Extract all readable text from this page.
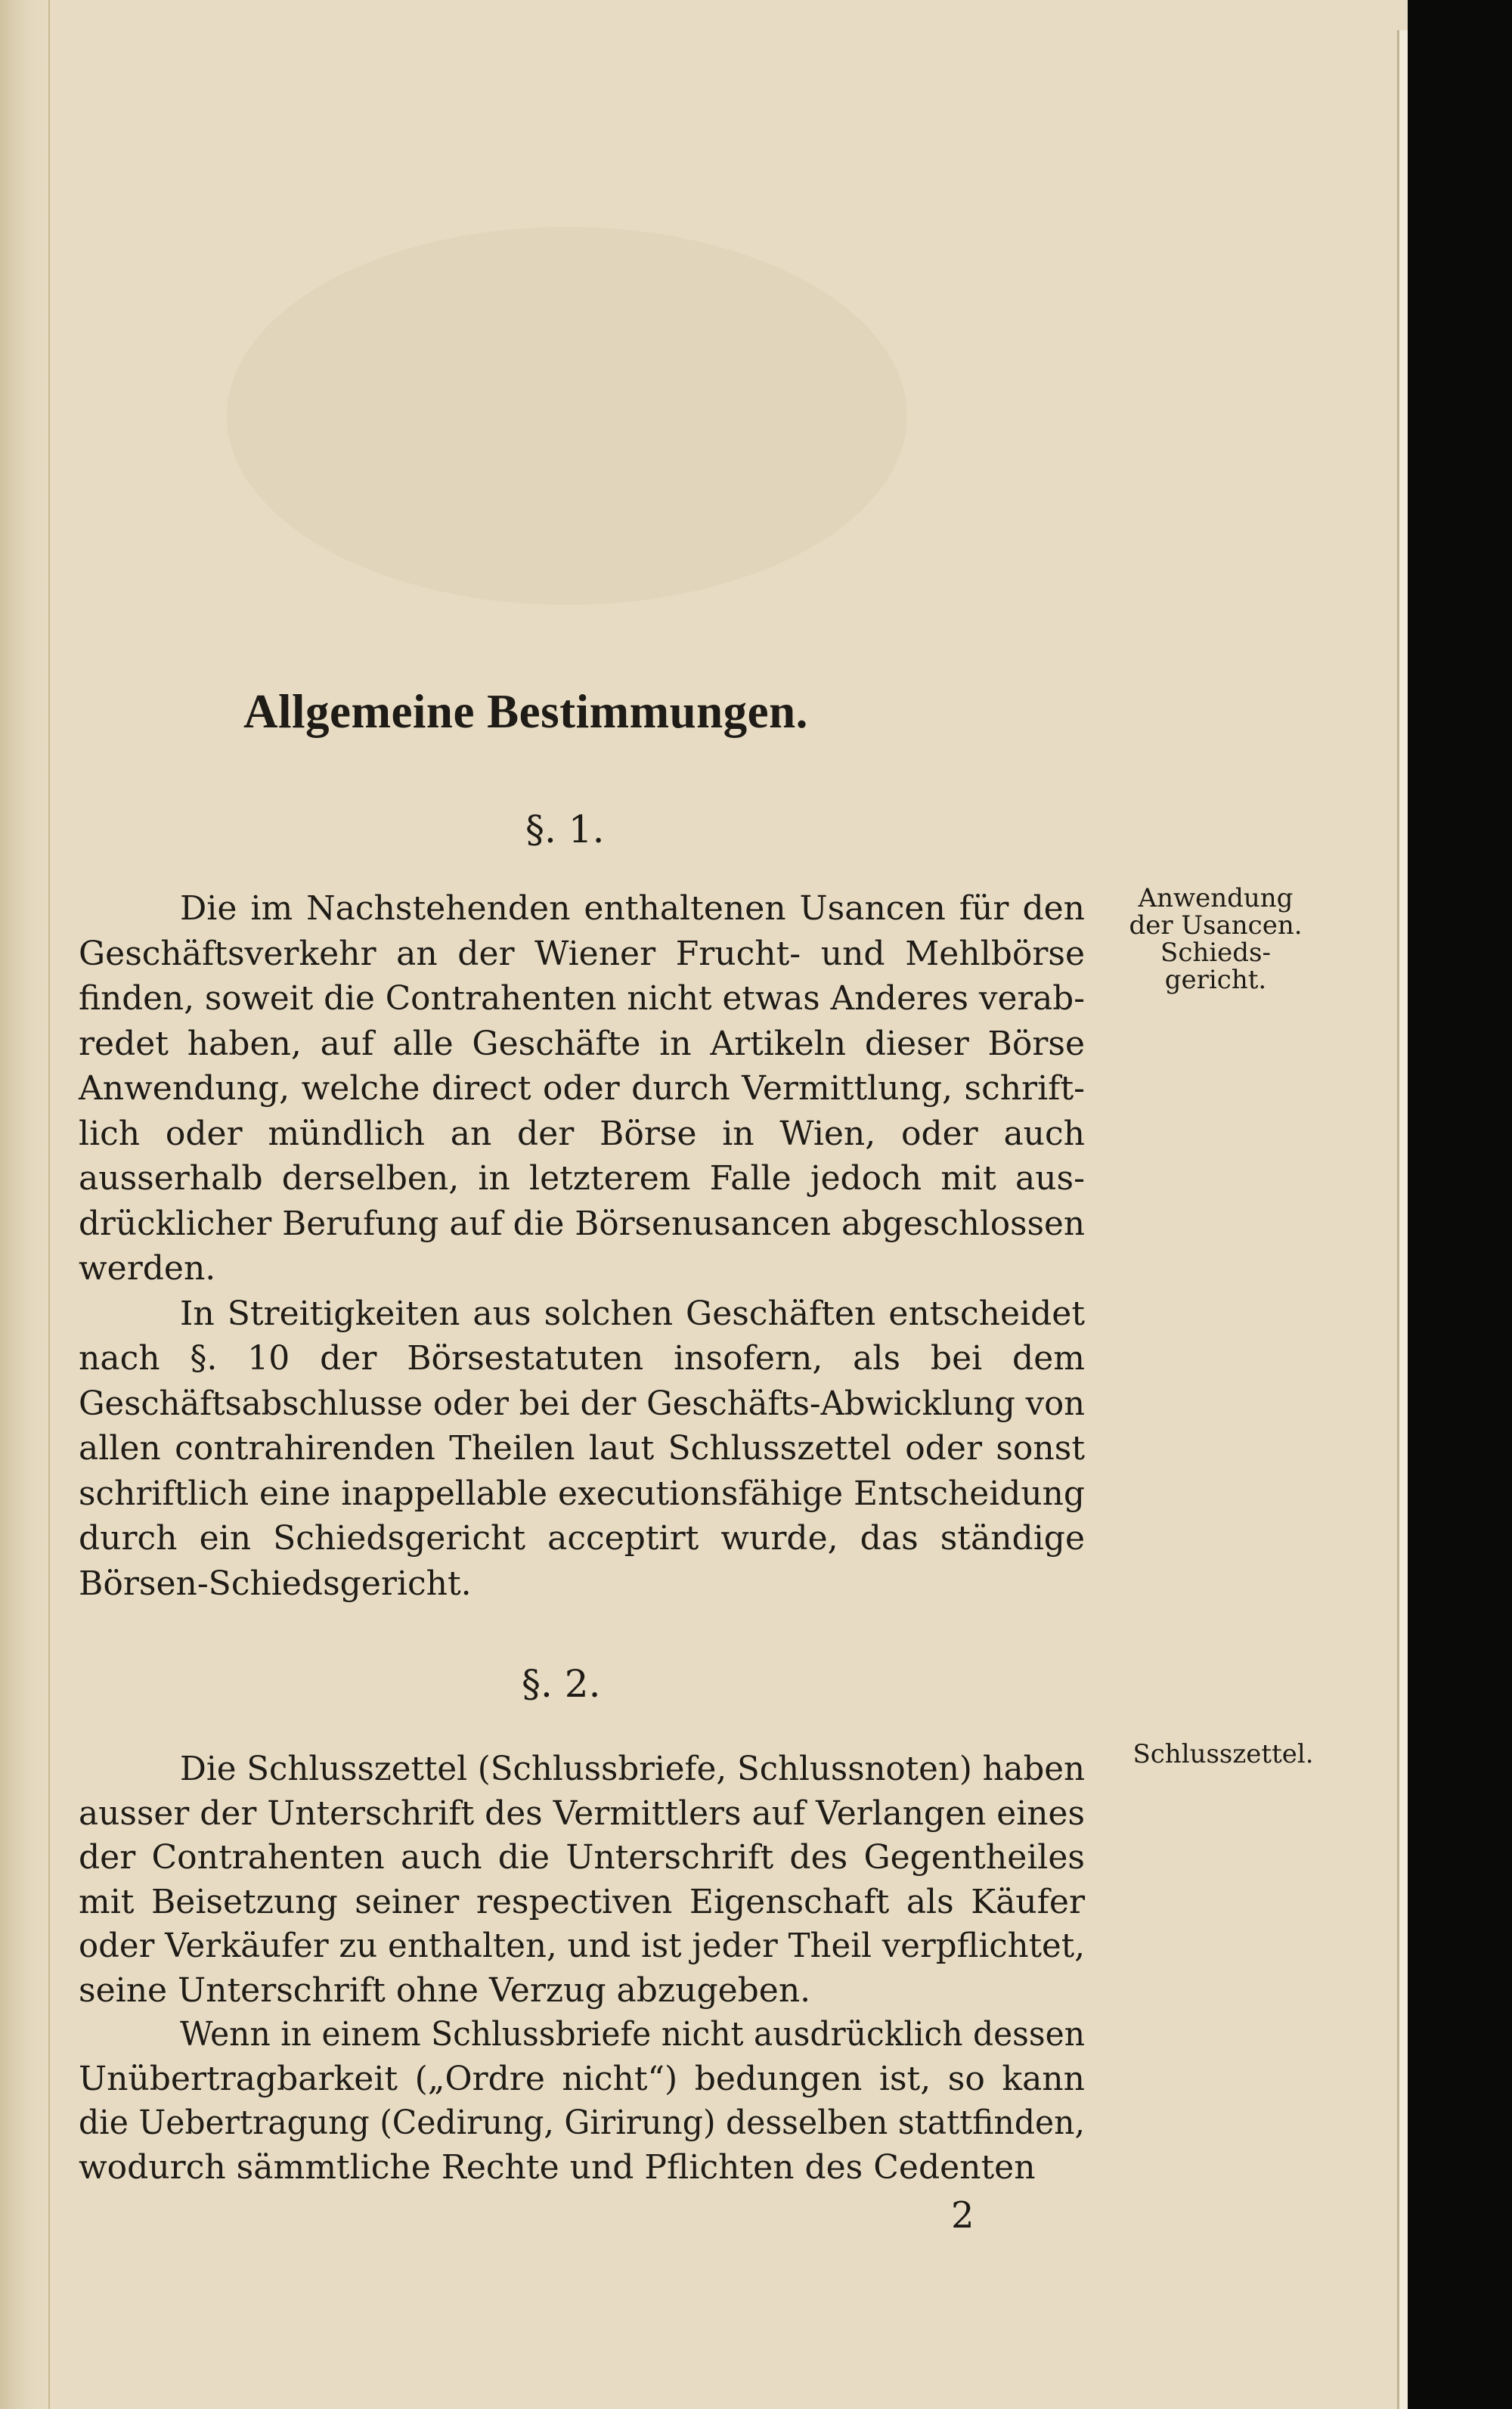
Allgemeine Bestimmungen.
§. 1.
Die im Nachstehenden enthaltenen Usancen für den
Geschäftsverkehr an der Wiener Frucht- und Mehlbörse
finden, soweit die Contrahenten nicht etwas Anderes verab-
redet haben, auf alle Geschäfte in Artikeln dieser Börse
Anwendung, welche direct oder durch Vermittlung, schrift-
lich oder mündlich an der Börse in Wien, oder auch
ausserhalb derselben, in letzterem Falle jedoch mit aus-
drücklicher Berufung auf die Börsenusancen abgeschlossen
werden.
In Streitigkeiten aus solchen Geschäften entscheidet
nach §. 10 der Börsestatuten insofern, als bei dem
Geschäftsabschlusse oder bei der Geschäfts-Abwicklung von
allen contrahirenden Theilen laut Schlusszettel oder sonst
schriftlich eine inappellable executionsfähige Entscheidung
durch ein Schiedsgericht acceptirt wurde, das ständige
Börsen-Schiedsgericht.
Anwendung
der Usancen.
Schieds-
gericht.
§. 2.
Die Schlusszettel (Schlussbriefe, Schlussnoten) haben
ausser der Unterschrift des Vermittlers auf Verlangen eines
der Contrahenten auch die Unterschrift des Gegentheiles
mit Beisetzung seiner respectiven Eigenschaft als Käufer
oder Verkäufer zu enthalten, und ist jeder Theil verpflichtet,
seine Unterschrift ohne Verzug abzugeben.
Wenn in einem Schlussbriefe nicht ausdrücklich dessen
Unübertragbarkeit („Ordre nicht“) bedungen ist, so kann
die Uebertragung (Cedirung, Girirung) desselben stattfinden,
wodurch sämmtliche Rechte und Pflichten des Cedenten
Schlusszettel.
2
